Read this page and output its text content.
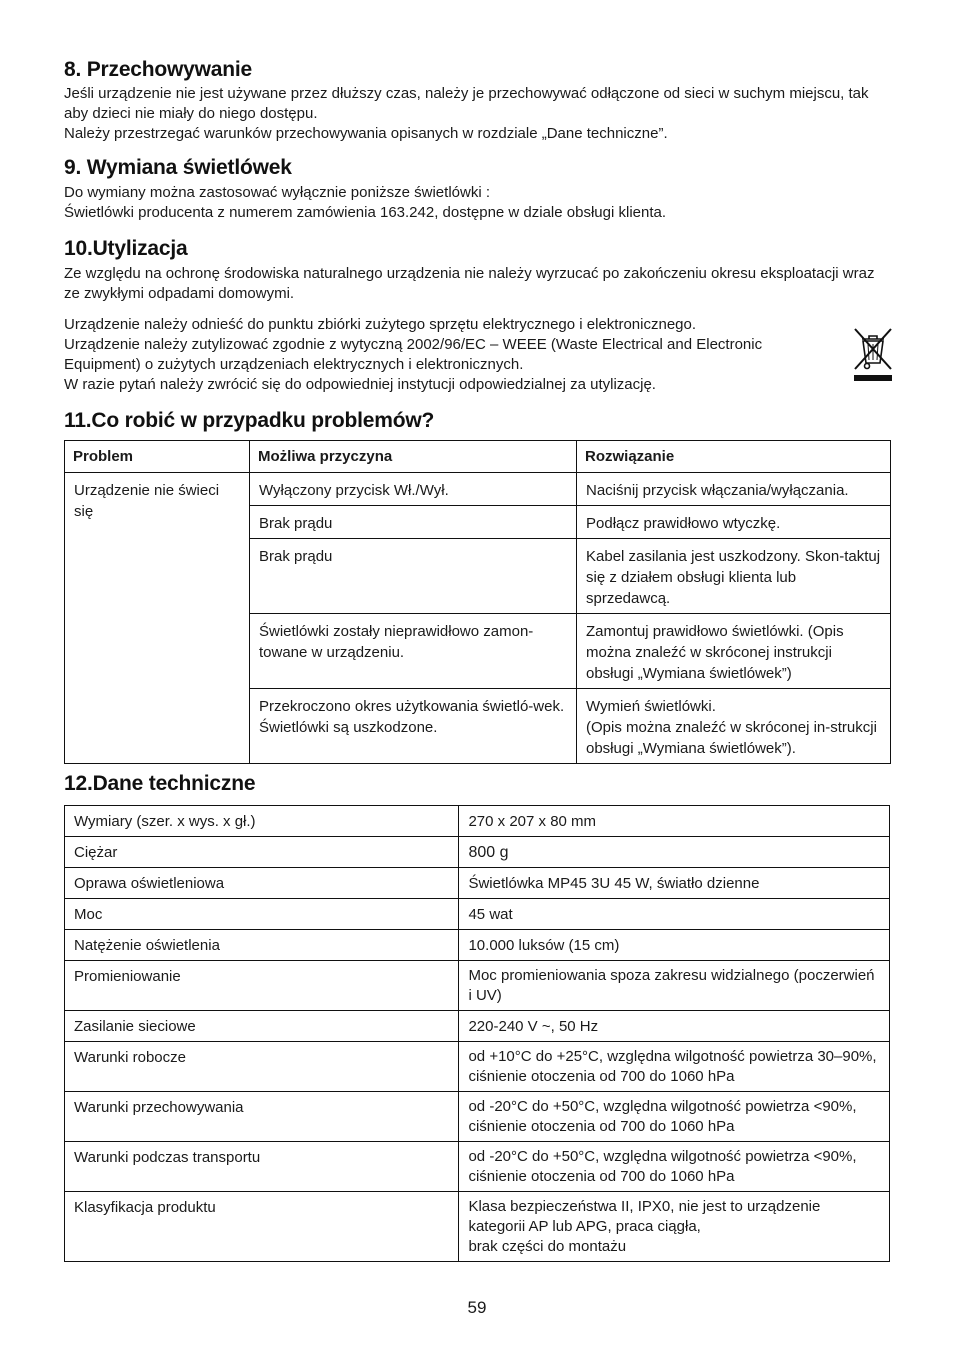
8. Przechowywanie

Jeśli urządzenie nie jest używane przez dłuższy czas, należy je przechowywać odłączone od sieci w suchym miejscu, tak aby dzieci nie miały do niego dostępu.

Należy przestrzegać warunków przechowywania opisanych w rozdziale „Dane techniczne”.

9. Wymiana świetlówek

Do wymiany można zastosować wyłącznie poniższe świetlówki :

Świetlówki producenta z numerem zamówienia 163.242, dostępne w dziale obsługi klienta.

10.Utylizacja

Ze względu na ochronę środowiska naturalnego urządzenia nie należy wyrzucać po zakończeniu okresu eksploatacji wraz ze zwykłymi odpadami domowymi.

Urządzenie należy odnieść do punktu zbiórki zużytego sprzętu elektrycznego i elektronicznego.

Urządzenie należy zutylizować zgodnie z wytyczną 2002/96/EC – WEEE (Waste Electrical and Electronic Equipment) o zużytych urządzeniach elektrycznych i elektronicznych.

W razie pytań należy zwrócić się do odpowiedniej instytucji odpowiedzialnej za utylizację.

11.Co robić w przypadku problemów?
Problem	Możliwa przyczyna	Rozwiązanie
Urządzenie nie świeci się	Wyłączony przycisk Wł./Wył.	Naciśnij przycisk włączania/wyłączania.
	Brak prądu	Podłącz prawidłowo wtyczkę.
	Brak prądu	Kabel zasilania jest uszkodzony. Skon-taktuj się z działem obsługi klienta lub sprzedawcą.
	Świetlówki zostały nieprawidłowo zamon-towane w urządzeniu.	Zamontuj prawidłowo świetlówki. (Opis można znaleźć w skróconej instrukcji obsługi „Wymiana świetlówek”)
	Przekroczono okres użytkowania świetló-wek. Świetlówki są uszkodzone.	Wymień świetlówki.
(Opis można znaleźć w skróconej in-strukcji obsługi „Wymiana świetlówek”).
12.Dane techniczne
Wymiary (szer. x wys. x gł.)	270 x 207 x 80 mm
Ciężar	800 g
Oprawa oświetleniowa	Świetlówka MP45 3U 45 W, światło dzienne
Moc	45 wat
Natężenie oświetlenia	10.000 luksów (15 cm)
Promieniowanie	Moc promieniowania spoza zakresu widzialnego (poczerwień i UV)
Zasilanie sieciowe	220-240 V ~, 50 Hz
Warunki robocze	od +10°C do +25°C, względna wilgotność powietrza 30–90%, ciśnienie otoczenia od 700 do 1060 hPa
Warunki przechowywania	od -20°C do +50°C, względna wilgotność powietrza <90%, ciśnienie otoczenia od 700 do 1060 hPa
Warunki podczas transportu	od -20°C do +50°C, względna wilgotność powietrza <90%, ciśnienie otoczenia od 700 do 1060 hPa
Klasyfikacja produktu	Klasa bezpieczeństwa II, IPX0, nie jest to urządzenie kategorii AP lub APG, praca ciągła,
brak części do montażu
59
